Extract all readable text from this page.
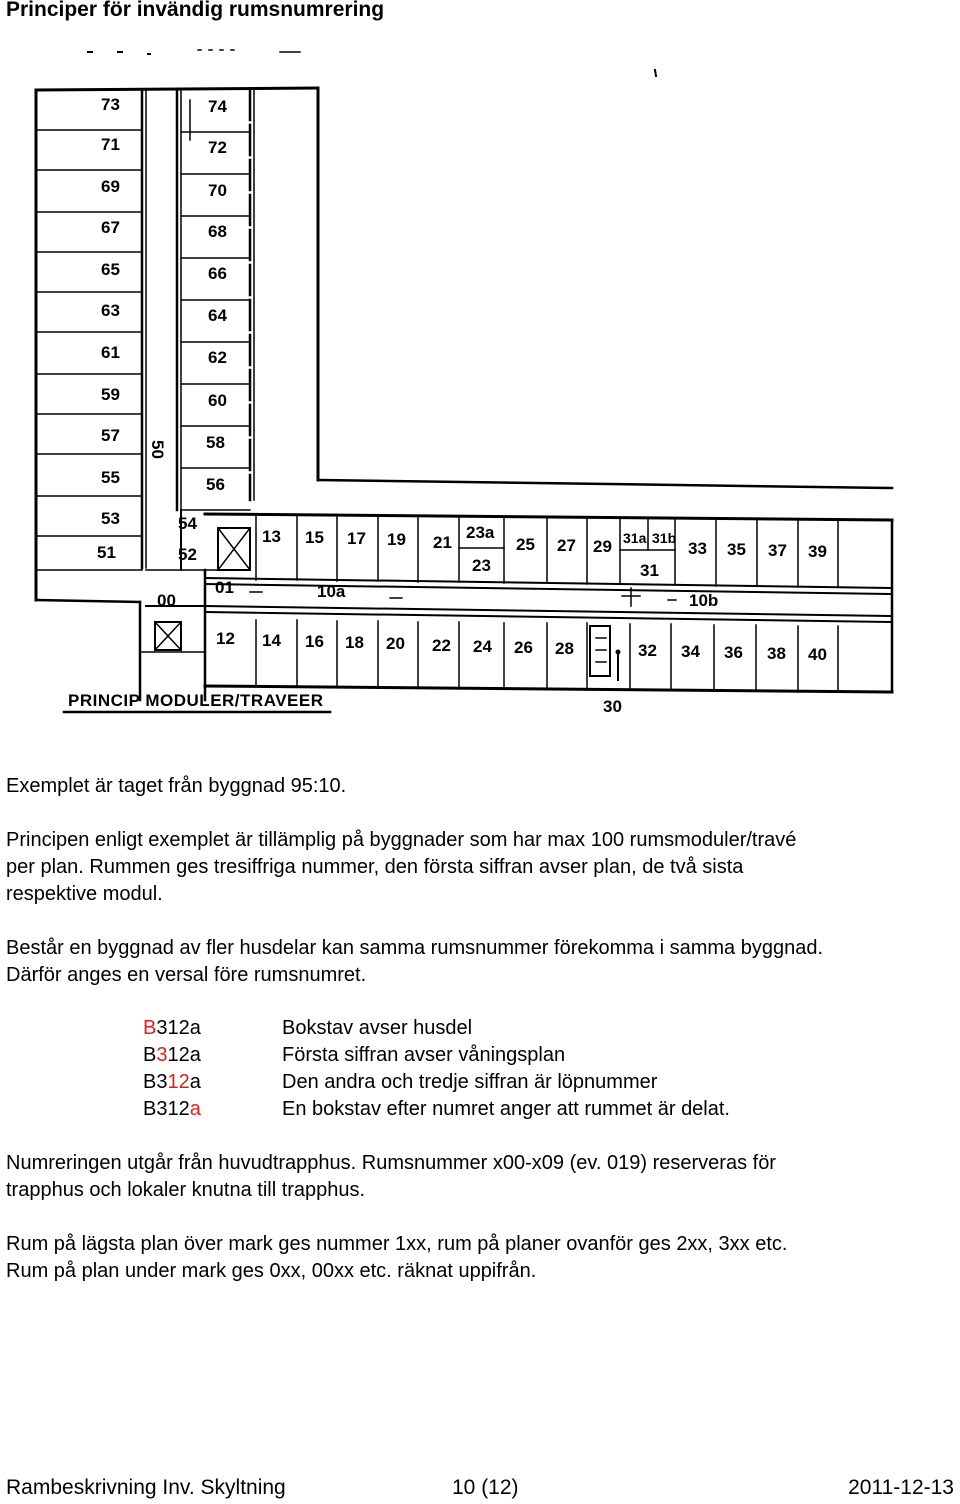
Principer för invändig rumsnumrering
PRINCIP MODULER/TRAVEER
73
71
69
67
65
63
61
59
57
55
53
51
74
72
70
68
66
64
62
60
58
56
50
54
52
00
01
13 15 17 19 21
23a
25 27 29 31a 31b
33 35 37 39
23	31
10a	10b
12 14 16 18 20 22 24 26 28	32 34 36 38 40
30

Exemplet är taget från byggnad 95:10.

Principen enligt exemplet är tillämplig på byggnader som har max 100 rumsmoduler/travé
per plan. Rummen ges tresiffriga nummer, den första siffran avser plan, de två sista
respektive modul.

Består en byggnad av fler husdelar kan samma rumsnummer förekomma i samma byggnad.
Därför anges en versal före rumsnumret.

B312a	Bokstav avser husdel
B312a	Första siffran avser våningsplan
B312a	Den andra och tredje siffran är löpnummer
B312a	En bokstav efter numret anger att rummet är delat.

Numreringen utgår från huvudtrapphus. Rumsnummer x00-x09 (ev. 019) reserveras för
trapphus och lokaler knutna till trapphus.

Rum på lägsta plan över mark ges nummer 1xx, rum på planer ovanför ges 2xx, 3xx etc.
Rum på plan under mark ges 0xx, 00xx etc. räknat uppifrån.

Rambeskrivning Inv. Skyltning	10 (12)	2011-12-13
